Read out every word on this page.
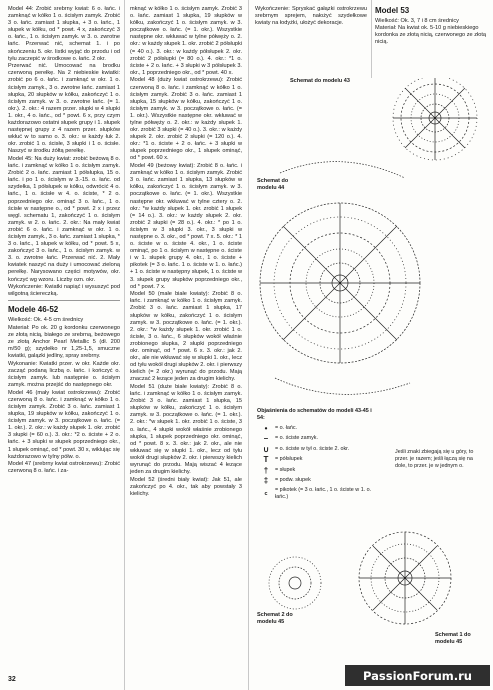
Model 44: Zrobić srebrny kwiat: 6 o. łańc. i zamknąć w kółko 1 o. ścisłym zamyk. Zrobić 3 o. łańc. zamiast 1 słupka, + 3 o. łańc., 1 słupek w kółku, od * powt. 4 x, zakończyć 3 o. łańc., 1 o. ścisłym zamyk. w 3. o. zwrotne łańc. Przerwać nić, schemat 1. i po skończeniu 5. okr. listki wyjąć do przodu i od tyłu zaczepić w środkowe o. łańc. 2 okr.

Przerwać nić. Umocować na brodku czerwoną perełkę. Na 2 niebieskie kwiatki: zrobić po 6 o. łańc. i zamknąć w okr. 1 o. ścisłym zamyk., 3 o. zwrotne łańc. zamiast 1 słupka, 20 słupków w kółku, zakończyć 1 o. ścisłym zamyk. w 3. o. zwrotne łańc. (= 1. okr.). 2. okr.: 4 razem przer. słupki w 4 słupki 1. okr., 4 o. łańc., od * powt. 6 x, przy czym każdorazowo ostatni słupek grupy i 1. słupek następnej grupy z 4 razem przer. słupków wkłuć w to samo o. 3. okr.: w każdy łuk 2. okr. zrobić 1 o. ścisłe, 3 słupki i 1 o. ścisłe. Naszyć w środku żółtą perełkę.

Model 45: Na duży kwiat: zrobić beżową 8 o. łańc. i zamknąć w kółko 1 o. ścisłym zamyk. Zrobić 2 o. łańc. zamiast 1 półsłupka, 15 o. łańc. i po 1 o. ścisłym w 3.-15. o. łańc. od szydełka, 1 półsłupek w kółku, odwrócić 4 o. łańc., 1 o. ścisłe w 4. o. ściste, * 2 o. poprzedniego okr. ominąć 3 o. łańc., 1 o. ścisłe w następne o., od * powt. 2 x i przez węgl. schematu 1, zakończyć 1 o. ścisłym zamyk. w 2. o. łańc. 2. okr.: Na mały kwiat zrobić 6 o. łańc. i zamknąć w okr. 1 o. ścisłym zamyk., 3 o. łańc. zamiast 1 słupka, * 3 o. łańc., 1 słupek w kółku, od * powt. 5 x, zakończyć 3 o. łańc., 1 o. ścisłym zamyk. w 3. o. zwrotne łańc. Przerwać nić. 2. Mały kwiatek naszyć na duży i umocować zieloną perełkę. Narysowano części motywów, okr. kończyć wg wzoru. Liczby ozn. okr.

Wykończenie: Kwiatki napiąć i wysuszyć pod wilgotną ściereczką.

Modele 46-52

Wielkość: Ok. 4-5 cm średnicy

Materiał: Po ok. 20 g kordonku czerwonego ze złotą nicią, białego ze srebrną, beżowego ze złotą Anchor Pearl Metallic 5 (dł. 200 m/50 g); szydełko nr 1,25-1,5, smuczne kwiatki, galązki jedliny, spray srebrny.

Wykonanie: Kwiatki przer. w okr. Każde okr. zacząć podaną liczbą o. łańc. i kończyć o. ścisłym zamyk. lub następnie o. ścisłym zamyk. można przejść do następnego okr.

Model 46 (mały kwiat ostrokrzewu): Zrobić czerwoną 8 o. łańc. i zamknąć w kółko 1 o. ścisłym zamyk. Zrobić 3 o. łańc. zamiast 1 słupka, 19 słupków w kółku, zakończyć 1 o. ścisłym zamyk. w 3. początkowe o. łańc. (= 1. okr.). 2. okr.: w każdy słupek 1. okr. zrobić 3 słupki (= 60 o.). 3. okr.: *2 o. ściste + 2 o. łańc. + 3 słupki w słupek poprzedniego okr., 1 słupek ominąć, od * powt. 30 x, wiklując się każdorazowo w tylny półw. o.

Model 47 (srebrny kwiat ostrokrzewu): Zrobić czerwoną 8 o. łańc. i za-

mknąć w kółko 1 o. ścisłym zamyk. Zrobić 3 o. łańc. zamiast 1 słupka, 19 słupków w kółku, zakończyć 1 o. ścisłym zamyk. w 3. początkowe o. łańc. (= 1. okr.). Wszystkie następne okr. wkłuwać w tylne półwęży o. 2. okr.: w każdy słupek 1. okr. zrobić 2 półsłupki (= 40 o.). 3. okr.: w każdy półsłupek 2. okr. zrobić 2 półsłupki (= 80 o.). 4. okr.: *1 o. ściste + 2 o. łańc. + 3 słupki w 3 półsłupek 3. okr., 1 poprzedniego okr., od * powt. 40 x.

Model 48 (duży kwiat ostrokrzewu): Zrobić czerwoną 8 o. łańc. i zamknąć w kółko 1 o. ścisłym zamyk. Zrobić 3 o. łańc. zamiast 1 słupka, 15 słupków w kółku, zakończyć 1 o. ścisłym zamyk. w 3. początkowe o. łańc. (= 1. okr.). Wszystkie następne okr. wkłuwać w tylne półwęży o. 2. okr.: w każdy słupek 1. okr. zrobić 3 słupki (= 40 o.). 3. okr.: w każdy słupek 2. okr. zrobić 2 słupki (= 120 o.). 4. okr.: *1 o. ściste + 2 o. łańc. + 3 słupki w słupek poprzedniego okr., 1 słupek ominąć, od * powt. 60 x.

Model 49 (beżowy kwiat): Zrobić 8 o. łańc. i zamknąć w kółko 1 o. ścisłym zamyk. Zrobić 3 o. łańc. zamiast 1 słupka, 13 słupków w kółku, zakończyć 1 o. ścisłym zamyk. w 3. początkowe o. łańc. (= 1. okr.). Wszystkie następne okr. wkłuwać w tylne cztery o. 2. okr.: *w każdy słupek 1. okr. zrobić 1 słupek (= 14 o.). 3. okr.: w każdy słupek 2. okr. zrobić 2 słupki (= 28 o.). 4. okr.: * po 1 o. ścisłym w 3 słupki 3. okr., 3 słupki w następne o. 3. okr., od * powt. 7 x. 5. okr.: * 1 o. ściste w o. ściste 4. okr., 1 o. ściste ominąć, po 1 o. ścisłym w następne o. ściste i w 1. słupek grupy 4. okr., 1 o. ściste + pikotek (= 3 o. łańc. 1 o. ściste w 1. o. łańc.) + 1 o. ściste w następny słupek, 1 o. ściste w 3. słupek grupy słupków poprzedniego okr., od * powt. 7 x.

Model 50 (małe białe kwiaty): Zrobić 8 o. łańc. i zamknąć w kółko 1 o. ścisłym zamyk. Zrobić 3 o. łańc. zamiast 1 słupka, 17 słupków w kółku, zakończyć 1 o. ścisłym zamyk. w 3. początkowe o. łańc. (= 1. okr.). 2. okr.: *w każdy słupek 1. okr. zrobić 1 o. ścisłe, 3 o. łańc., 6 słupków wokół właśnie zrobionego słupka, 2 słupki poprzedniego okr. ominąć, od * powt. 6 x. 3. okr.: jak 2. okr., ale nie wkłuwać się w słupki 1. okr., lecz od tyłu wokół drugi słupków 2. okr. i pierwszy kielich (= 2 okr.) wyrunąć do przodu. Mają znaczać 2 łezące jeden za drugim kielichy.

Model 51 (duże białe kwiaty): Zrobić 8 o. łańc. i zamknąć w kółko 1 o. ścisłym zamyk. Zrobić 3 o. łańc. zamiast 1 słupka, 15 słupków w kółku, zakończyć 1 o. ścisłym zamyk. w 3. początkowe o. łańc. (= 1. okr.). 2. okr.: *w słupek 1. okr. zrobić 1 o. ściste, 3 o. łańc., 4 słupki wokół właśnie zrobionego słupka, 1 słupek poprzedniego okr. ominąć, od * powt. 8 x. 3. okr.: jak 2. okr., ale nie wkłuwać się w słupki 1. okr., lecz od tyłu wokół drugi słupków 2. okr. i pierwszy kielich wyrunąć do przodu. Mają wiszać 4 łezące jeden za drugim kielichy.

Model 52 (średni biały kwiat): Jak 51, ale zakończyć po 4. okr., tak aby powstały 3 kielichy.

Wykończenie: Spryskać gałązki ostrokrzewu srebrnym sprejem, nałożyć szydełkowe kwiaty na łodyżki, ułożyć dekoracje.

Model 53

Wielkość: Ok. 3, 7 i 8 cm średnicy

Materiał: Na kwiat ok. 5-10 g niebieskiego kordonka ze złotą nicią, czerwonego ze złotą nicią.

Schemat do modelu 43
Schemat do modelu 44
Schemat 2 do modelu 45
Schemat 1 do modelu 45
Objaśnienia do schematów do modeli 43-45 i 54:
•	= o. łańc.
–	= o. ściste zamyk.
∪	= o. ściste w tył o. ściste 2. okr.
T	= półsłupek
†	= słupek
‡	= podw. słupek
ᶜ	= pikotek (= 3 o. łańc., 1 o. ściste w 1. o. łańc.)
Jeśli znaki zbiegają się u góry, to przer. je razem; jeśli łączą się na dole, to przer. je w jednym o.
32	PassionForum.ru
